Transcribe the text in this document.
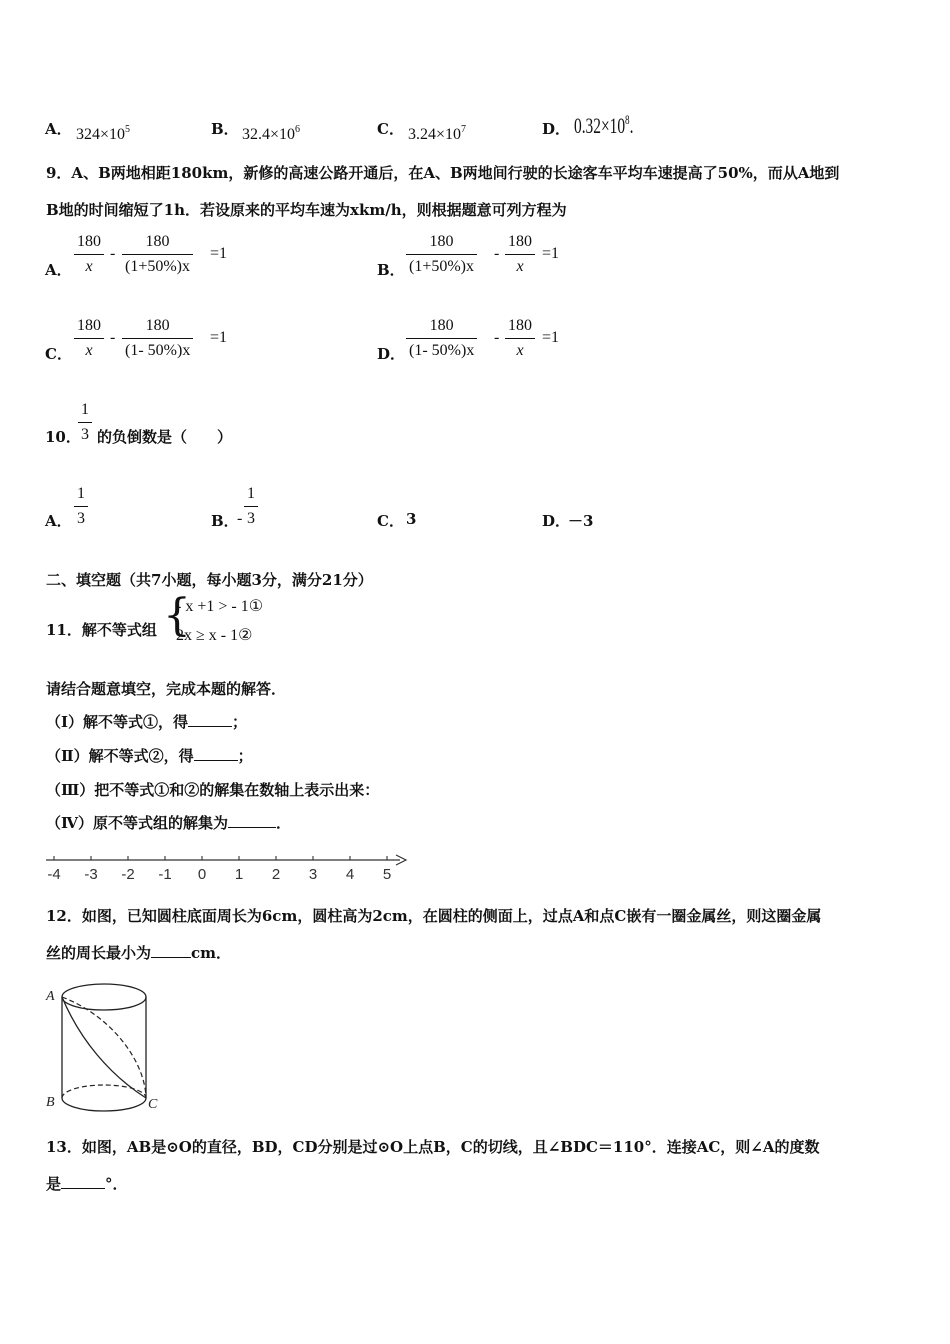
A． $324\times 10^5$	B． $32.4\times 10^6$	C． $3.24\times 10^7$	D． $0.32\times 10^8$.
9．A、B两地相距180km，新修的高速公路开通后，在A、B两地间行驶的长途客车平均车速提高了50%，而从A地到
B地的时间缩短了1h．若设原来的平均车速为xkm/h，则根据题意可列方程为
A．
180
x
-
180
(1+50%)x
=1
B．
180
(1+50%)x
-
180
x
=1
C．
180
x
-
180
(1- 50%)x
=1
D．
180
(1- 50%)x
-
180
x
=1
10．
1
3 的负倒数是（　　）
A．
1
3	B．
-
1
3	C． 3	D．
－3
二、填空题（共7小题，每小题3分，满分21分）
11．解不等式组 {
- x +1 > - 1①
2x ≥ x - 1②
请结合题意填空，完成本题的解答．
（Ⅰ）解不等式①，得	；
（Ⅱ）解不等式②，得	；
（Ⅲ）把不等式①和②的解集在数轴上表示出来：
（Ⅳ）原不等式组的解集为	．
-4 -3 -2 -1 0 1 2 3 4 5
12．如图，已知圆柱底面周长为6cm，圆柱高为2cm，在圆柱的侧面上，过点A和点C嵌有一圈金属丝，则这圈金属
丝的周长最小为	cm．
A
B	C
13．如图，AB是⊙O的直径，BD，CD分别是过⊙O上点B，C的切线，且∠BDC＝110°．连接AC，则∠A的度数
是	°．
